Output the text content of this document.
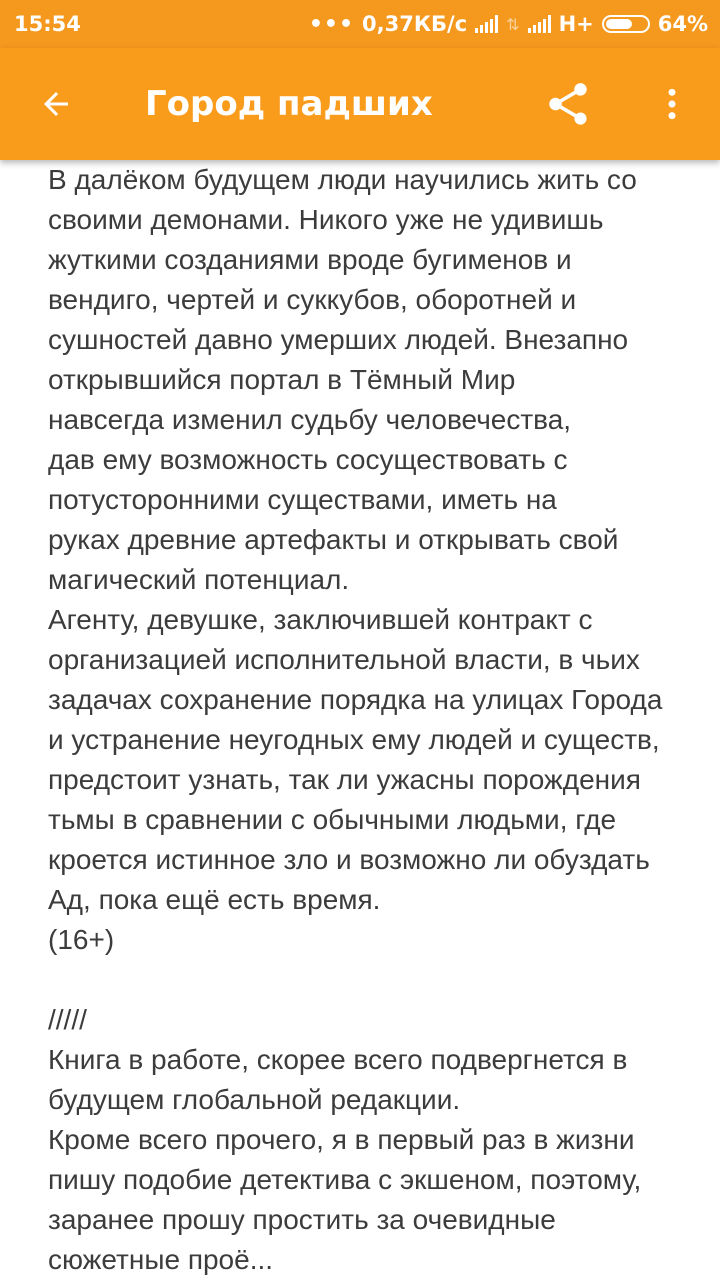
15:54	••• 0,37КБ/с ⇅ H+	64%
Город падших
В далёком будущем люди научились жить со
своими демонами. Никого уже не удивишь
жуткими созданиями вроде бугименов и
вендиго, чертей и суккубов, оборотней и
сушностей давно умерших людей. Внезапно
открывшийся портал в Тёмный Мир
навсегда изменил судьбу человечества,
дав ему возможность сосуществовать с
потусторонними существами, иметь на
руках древние артефакты и открывать свой
магический потенциал.
Агенту, девушке, заключившей контракт с
организацией исполнительной власти, в чьих
задачах сохранение порядка на улицах Города
и устранение неугодных ему людей и существ,
предстоит узнать, так ли ужасны порождения
тьмы в сравнении с обычными людьми, где
кроется истинное зло и возможно ли обуздать
Ад, пока ещё есть время.
(16+)

/////
Книга в работе, скорее всего подвергнется в
будущем глобальной редакции.
Кроме всего прочего, я в первый раз в жизни
пишу подобие детектива с экшеном, поэтому,
заранее прошу простить за очевидные
сюжетные проё...
